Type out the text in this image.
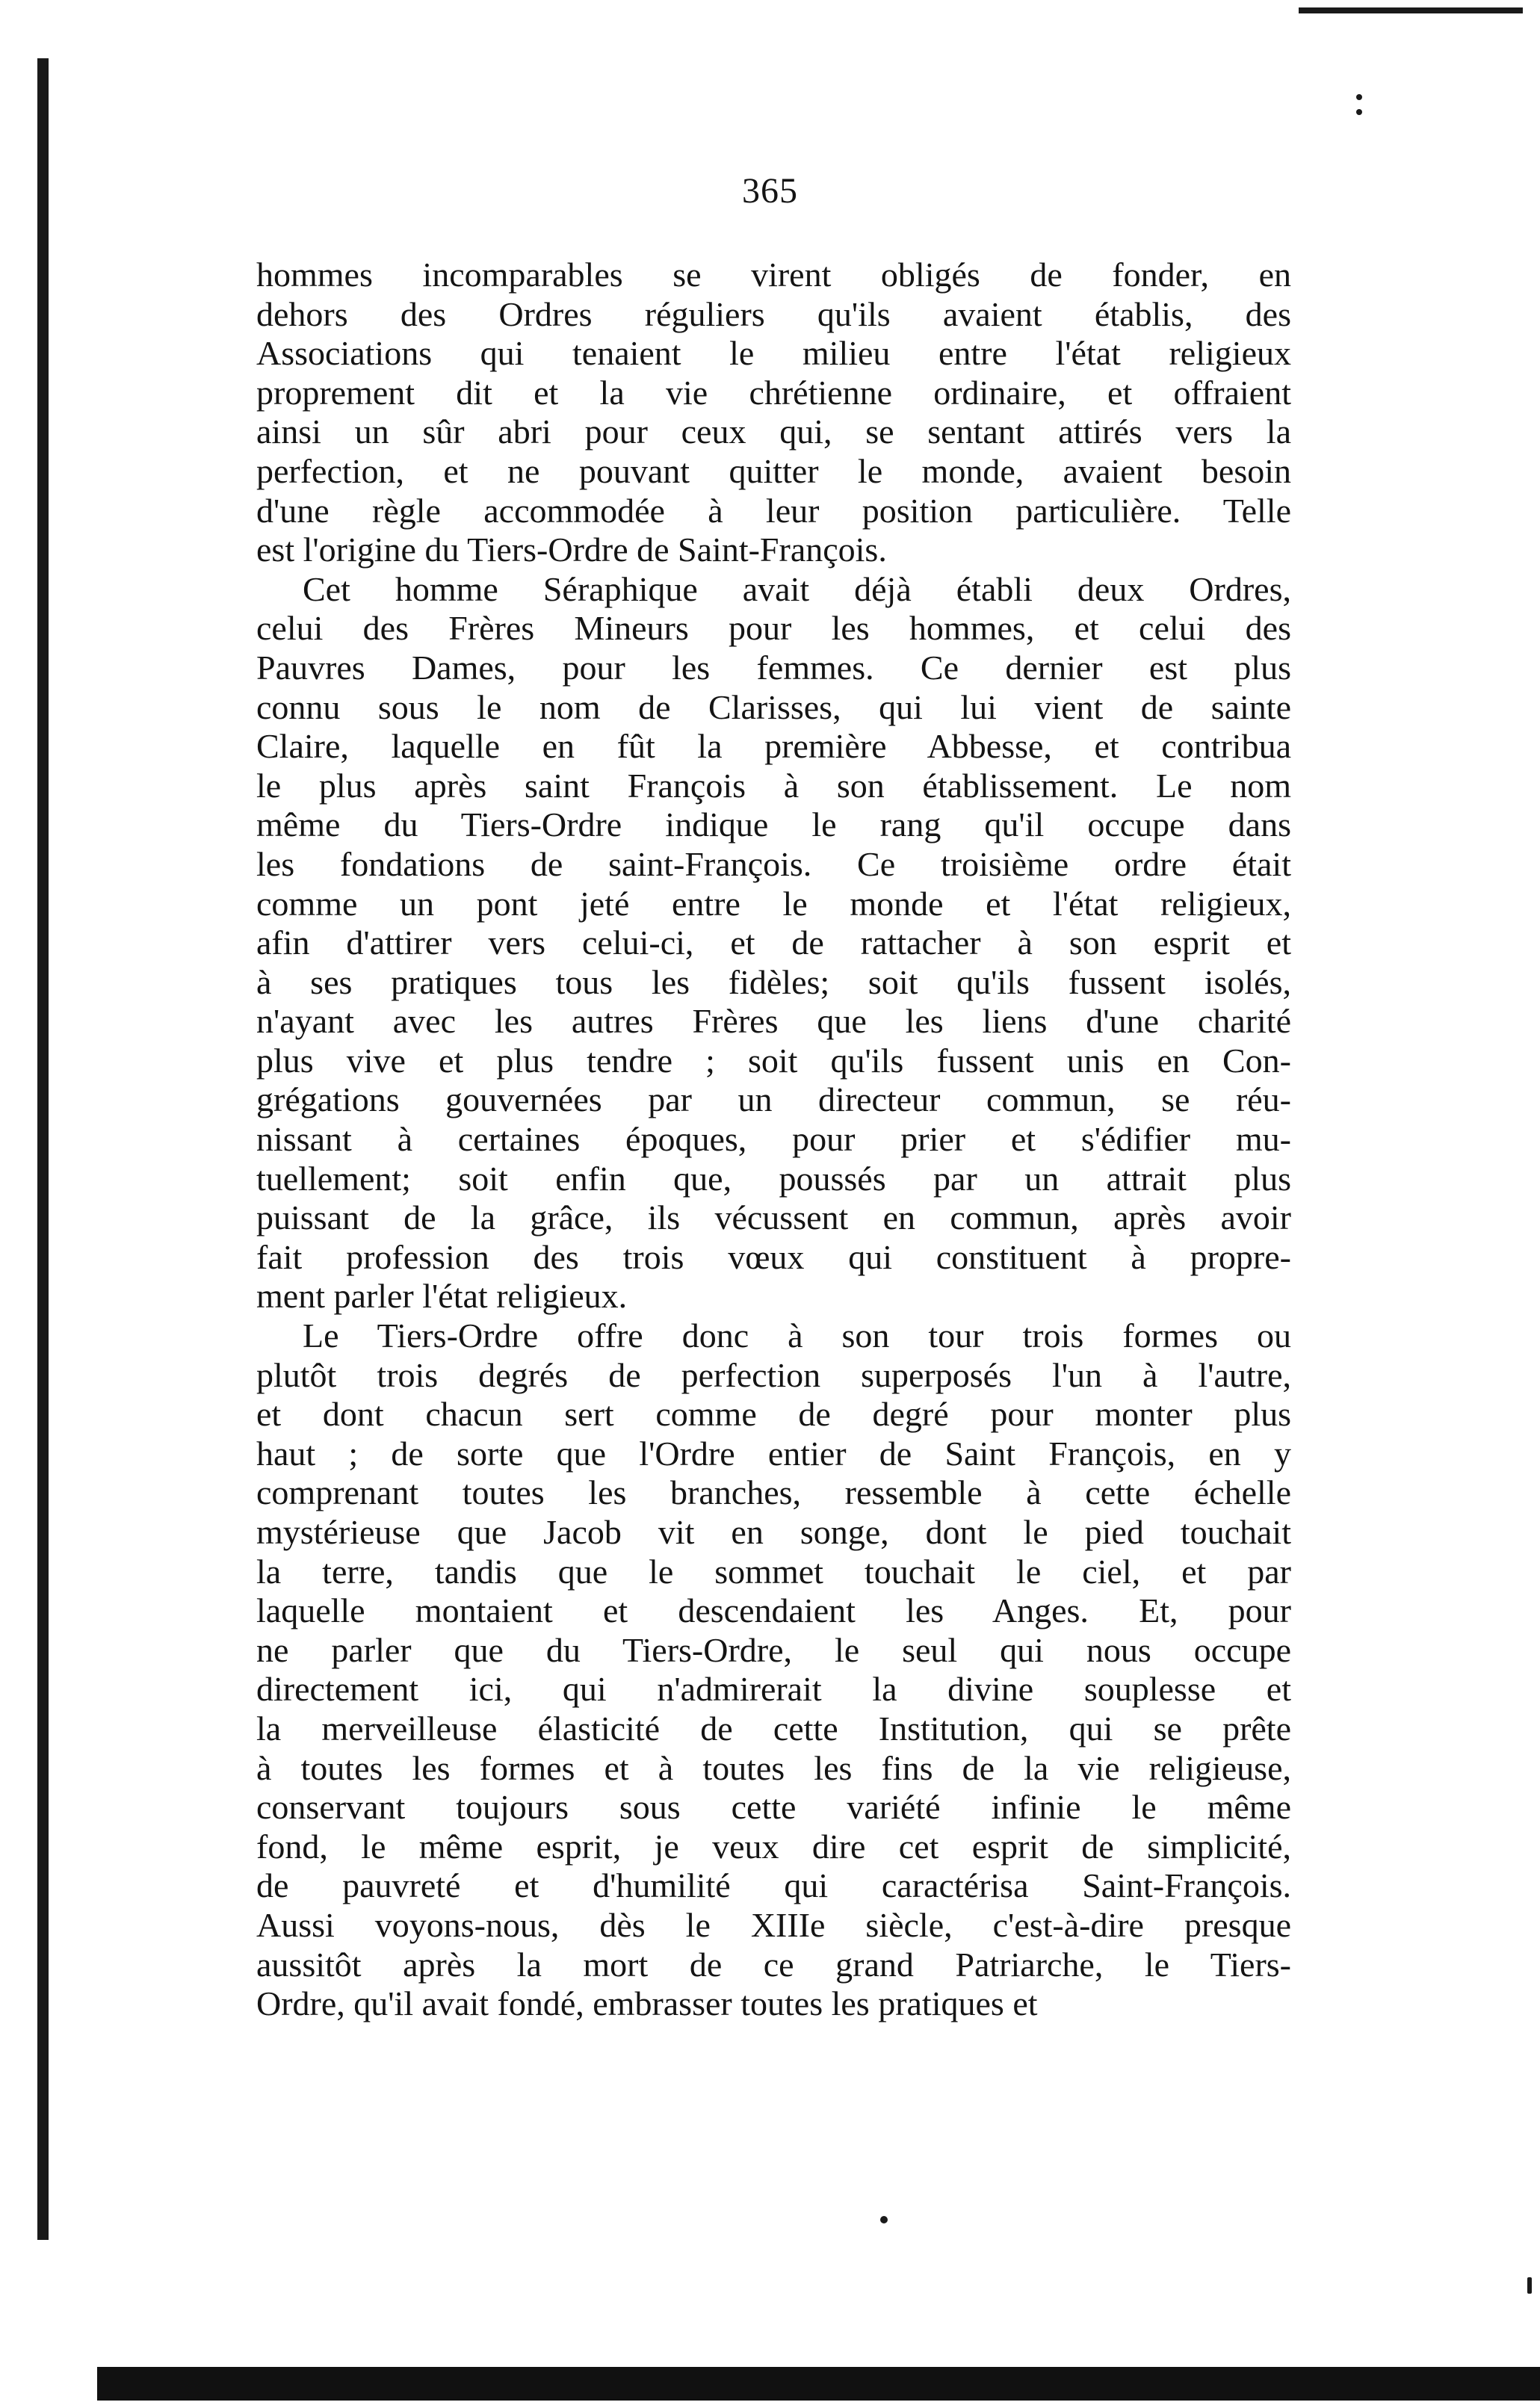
365
hommes incomparables se virent obligés de fonder, en
dehors des Ordres réguliers qu'ils avaient établis, des
Associations qui tenaient le milieu entre l'état religieux
proprement dit et la vie chrétienne ordinaire, et offraient
ainsi un sûr abri pour ceux qui, se sentant attirés vers la
perfection, et ne pouvant quitter le monde, avaient besoin
d'une règle accommodée à leur position particulière. Telle
est l'origine du Tiers-Ordre de Saint-François.
Cet homme Séraphique avait déjà établi deux Ordres,
celui des Frères Mineurs pour les hommes, et celui des
Pauvres Dames, pour les femmes. Ce dernier est plus
connu sous le nom de Clarisses, qui lui vient de sainte
Claire, laquelle en fût la première Abbesse, et contribua
le plus après saint François à son établissement. Le nom
même du Tiers-Ordre indique le rang qu'il occupe dans
les fondations de saint-François. Ce troisième ordre était
comme un pont jeté entre le monde et l'état religieux,
afin d'attirer vers celui-ci, et de rattacher à son esprit et
à ses pratiques tous les fidèles; soit qu'ils fussent isolés,
n'ayant avec les autres Frères que les liens d'une charité
plus vive et plus tendre ; soit qu'ils fussent unis en Con-
grégations gouvernées par un directeur commun, se réu-
nissant à certaines époques, pour prier et s'édifier mu-
tuellement; soit enfin que, poussés par un attrait plus
puissant de la grâce, ils vécussent en commun, après avoir
fait profession des trois vœux qui constituent à propre-
ment parler l'état religieux.
Le Tiers-Ordre offre donc à son tour trois formes ou
plutôt trois degrés de perfection superposés l'un à l'autre,
et dont chacun sert comme de degré pour monter plus
haut ; de sorte que l'Ordre entier de Saint François, en y
comprenant toutes les branches, ressemble à cette échelle
mystérieuse que Jacob vit en songe, dont le pied touchait
la terre, tandis que le sommet touchait le ciel, et par
laquelle montaient et descendaient les Anges. Et, pour
ne parler que du Tiers-Ordre, le seul qui nous occupe
directement ici, qui n'admirerait la divine souplesse et
la merveilleuse élasticité de cette Institution, qui se prête
à toutes les formes et à toutes les fins de la vie religieuse,
conservant toujours sous cette variété infinie le même
fond, le même esprit, je veux dire cet esprit de simplicité,
de pauvreté et d'humilité qui caractérisa Saint-François.
Aussi voyons-nous, dès le XIIIe siècle, c'est-à-dire presque
aussitôt après la mort de ce grand Patriarche, le Tiers-
Ordre, qu'il avait fondé, embrasser toutes les pratiques et
